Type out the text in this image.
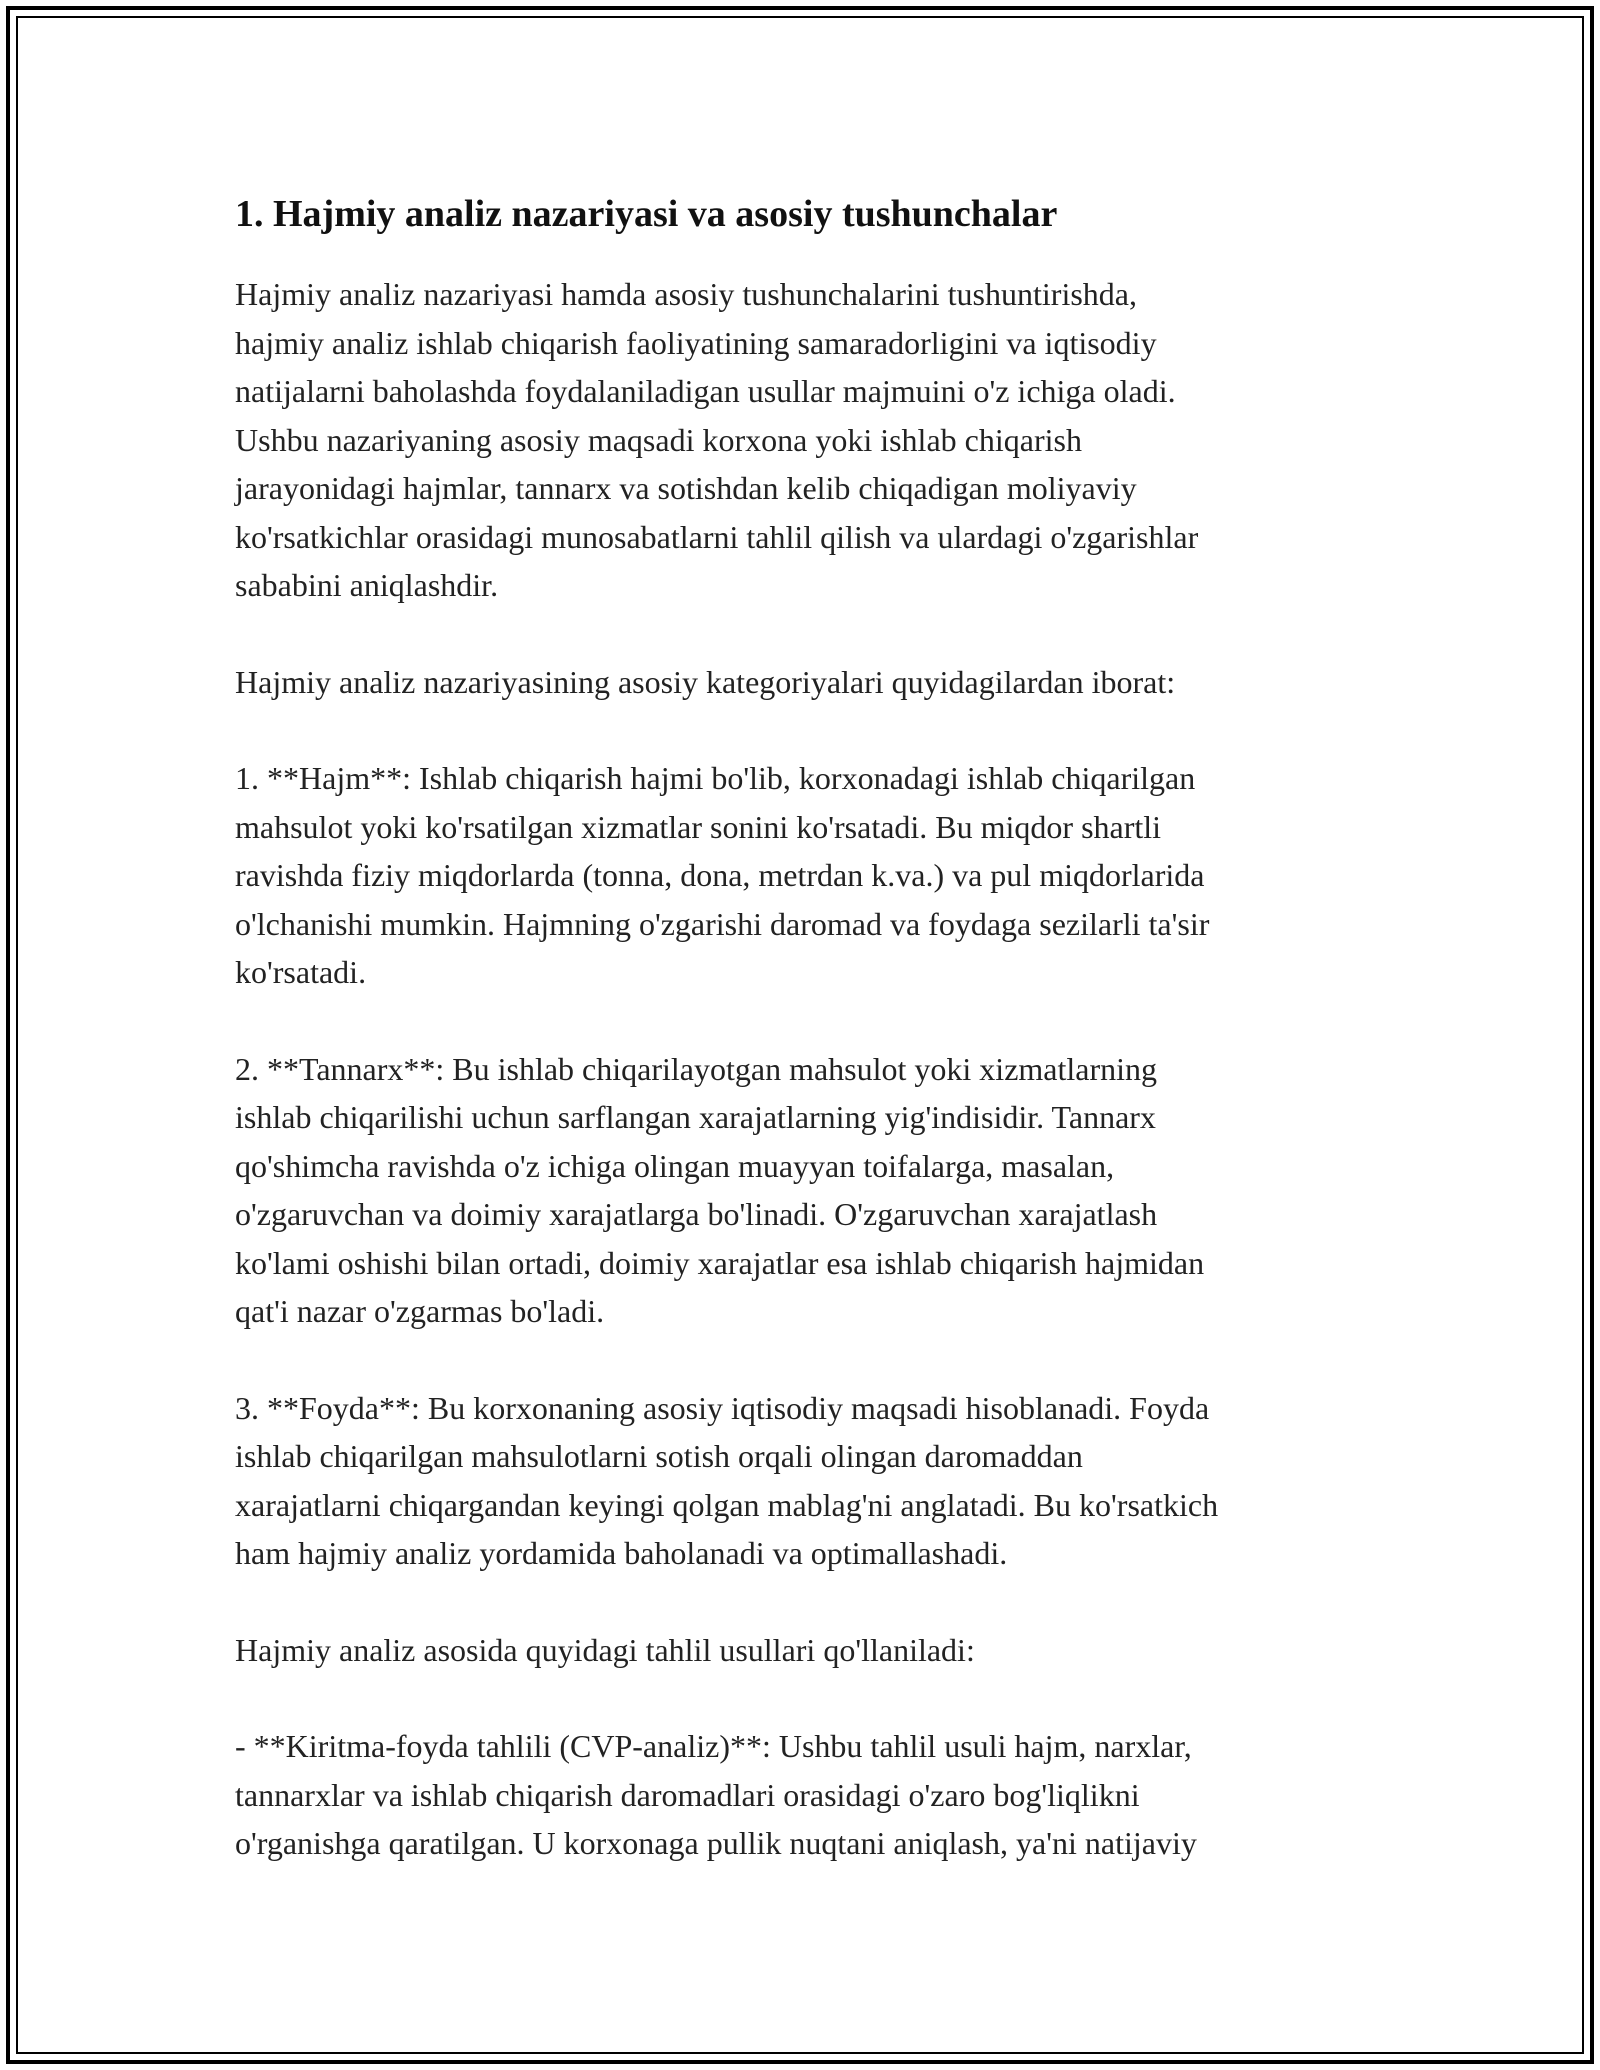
1. Hajmiy analiz nazariyasi va asosiy tushunchalar

Hajmiy analiz nazariyasi hamda asosiy tushunchalarini tushuntirishda,
hajmiy analiz ishlab chiqarish faoliyatining samaradorligini va iqtisodiy
natijalarni baholashda foydalaniladigan usullar majmuini o'z ichiga oladi.
Ushbu nazariyaning asosiy maqsadi korxona yoki ishlab chiqarish
jarayonidagi hajmlar, tannarx va sotishdan kelib chiqadigan moliyaviy
ko'rsatkichlar orasidagi munosabatlarni tahlil qilish va ulardagi o'zgarishlar
sababini aniqlashdir.

Hajmiy analiz nazariyasining asosiy kategoriyalari quyidagilardan iborat:

1. **Hajm**: Ishlab chiqarish hajmi bo'lib, korxonadagi ishlab chiqarilgan
mahsulot yoki ko'rsatilgan xizmatlar sonini ko'rsatadi. Bu miqdor shartli
ravishda fiziy miqdorlarda (tonna, dona, metrdan k.va.) va pul miqdorlarida
o'lchanishi mumkin. Hajmning o'zgarishi daromad va foydaga sezilarli ta'sir
ko'rsatadi.

2. **Tannarx**: Bu ishlab chiqarilayotgan mahsulot yoki xizmatlarning
ishlab chiqarilishi uchun sarflangan xarajatlarning yig'indisidir. Tannarx
qo'shimcha ravishda o'z ichiga olingan muayyan toifalarga, masalan,
o'zgaruvchan va doimiy xarajatlarga bo'linadi. O'zgaruvchan xarajatlash
ko'lami oshishi bilan ortadi, doimiy xarajatlar esa ishlab chiqarish hajmidan
qat'i nazar o'zgarmas bo'ladi.

3. **Foyda**: Bu korxonaning asosiy iqtisodiy maqsadi hisoblanadi. Foyda
ishlab chiqarilgan mahsulotlarni sotish orqali olingan daromaddan
xarajatlarni chiqargandan keyingi qolgan mablag'ni anglatadi. Bu ko'rsatkich
ham hajmiy analiz yordamida baholanadi va optimallashadi.

Hajmiy analiz asosida quyidagi tahlil usullari qo'llaniladi:

- **Kiritma-foyda tahlili (CVP-analiz)**: Ushbu tahlil usuli hajm, narxlar,
tannarxlar va ishlab chiqarish daromadlari orasidagi o'zaro bog'liqlikni
o'rganishga qaratilgan. U korxonaga pullik nuqtani aniqlash, ya'ni natijaviy
